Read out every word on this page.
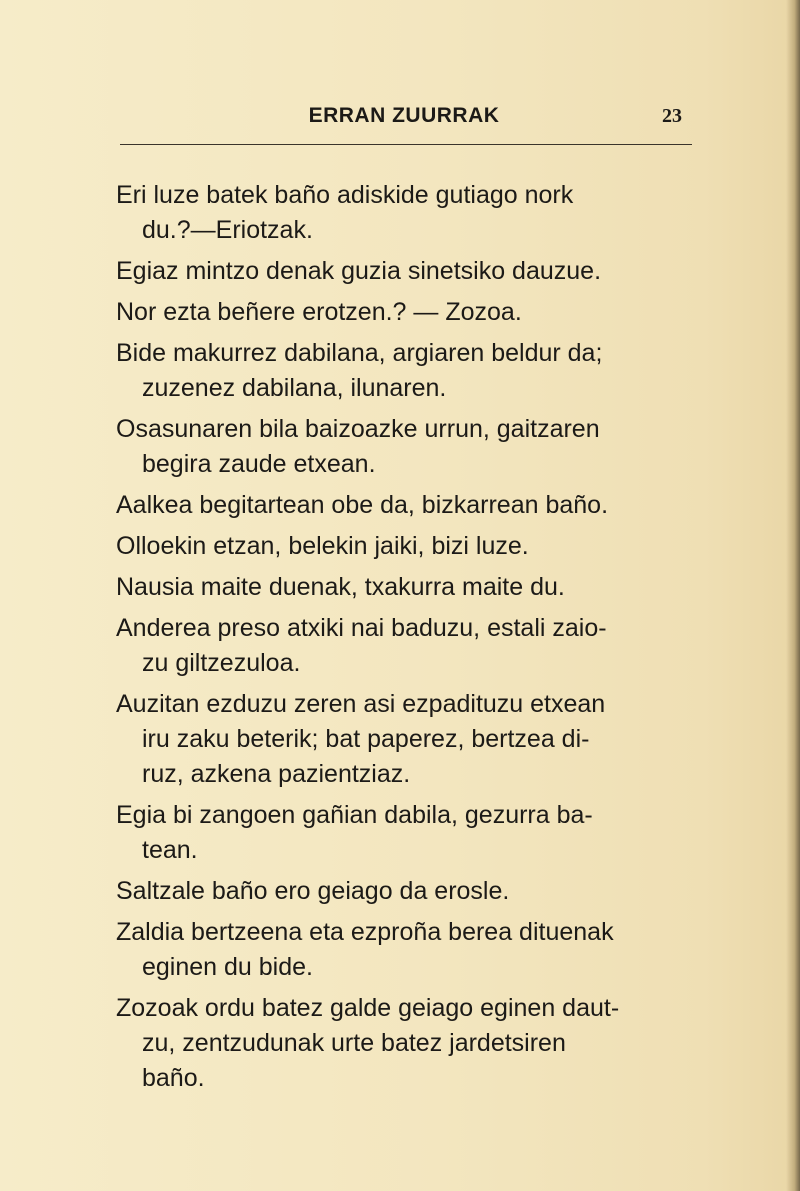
ERRAN ZUURRAK	23
Eri luze batek baño adiskide gutiago nork
du.?—Eriotzak.
Egiaz mintzo denak guzia sinetsiko dauzue.
Nor ezta beñere erotzen.? — Zozoa.
Bide makurrez dabilana, argiaren beldur da;
zuzenez dabilana, ilunaren.
Osasunaren bila baizoazke urrun, gaitzaren
begira zaude etxean.
Aalkea begitartean obe da, bizkarrean baño.
Olloekin etzan, belekin jaiki, bizi luze.
Nausia maite duenak, txakurra maite du.
Anderea preso atxiki nai baduzu, estali zaio-
zu giltzezuloa.
Auzitan ezduzu zeren asi ezpadituzu etxean
iru zaku beterik; bat paperez, bertzea di-
ruz, azkena pazientziaz.
Egia bi zangoen gañian dabila, gezurra ba-
tean.
Saltzale baño ero geiago da erosle.
Zaldia bertzeena eta ezproña berea dituenak
eginen du bide.
Zozoak ordu batez galde geiago eginen daut-
zu, zentzudunak urte batez jardetsiren
baño.
